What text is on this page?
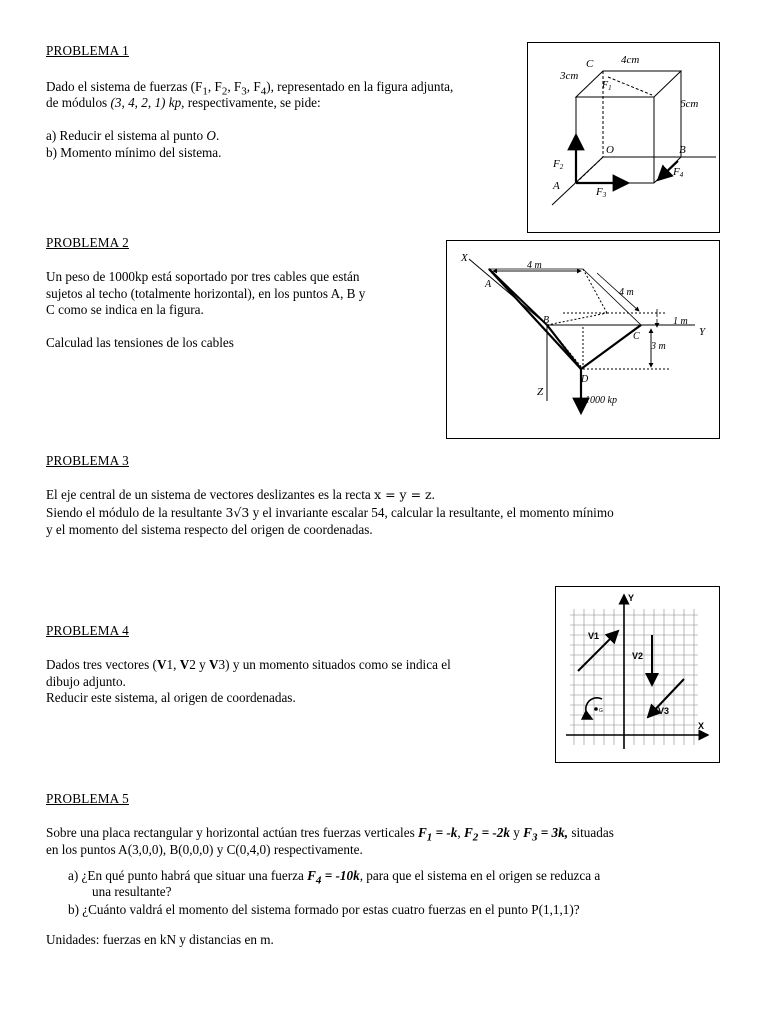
PROBLEMA 1
Dado el sistema de fuerzas ($F_1$, $F_2$, $F_3$, $F_4$), representado en la figura adjunta,
de módulos (3, 4, 2, 1) kp, respectivamente, se pide:
a) Reducir el sistema al punto O.
b) Momento mínimo del sistema.
4cm
3cm
6cm
C
$F_1$
O	B
F2
A	F3
F4
PROBLEMA 2
Un peso de 1000kp está soportado por tres cables que están
sujetos al techo (totalmente horizontal), en los puntos A, B y
C como se indica en la figura.
Calculad las tensiones de los cables
X
Y
Z
A
B
C
D
4 m
4 m
1 m
3 m
1000 kp
PROBLEMA 3
El eje central de un sistema de vectores deslizantes es la recta x = y = z.
Siendo el módulo de la resultante 3√3 y el invariante escalar 54, calcular la resultante, el momento mínimo
y el momento del sistema respecto del origen de coordenadas.
PROBLEMA 4
Dados tres vectores (V1, V2 y V3) y un momento situados como se indica el
dibujo adjunto.
Reducir este sistema, al origen de coordenadas.
Y
X
V1
V2
V3
G
PROBLEMA 5
Sobre una placa rectangular y horizontal actúan tres fuerzas verticales $F_1 = -k$, $F_2 = -2k$ y $F_3 = 3k$, situadas
en los puntos A(3,0,0), B(0,0,0) y C(0,4,0) respectivamente.
a) ¿En qué punto habrá que situar una fuerza $F_4 = -10k$, para que el sistema en el origen se reduzca a
una resultante?
b) ¿Cuánto valdrá el momento del sistema formado por estas cuatro fuerzas en el punto P(1,1,1)?
Unidades: fuerzas en kN y distancias en m.
